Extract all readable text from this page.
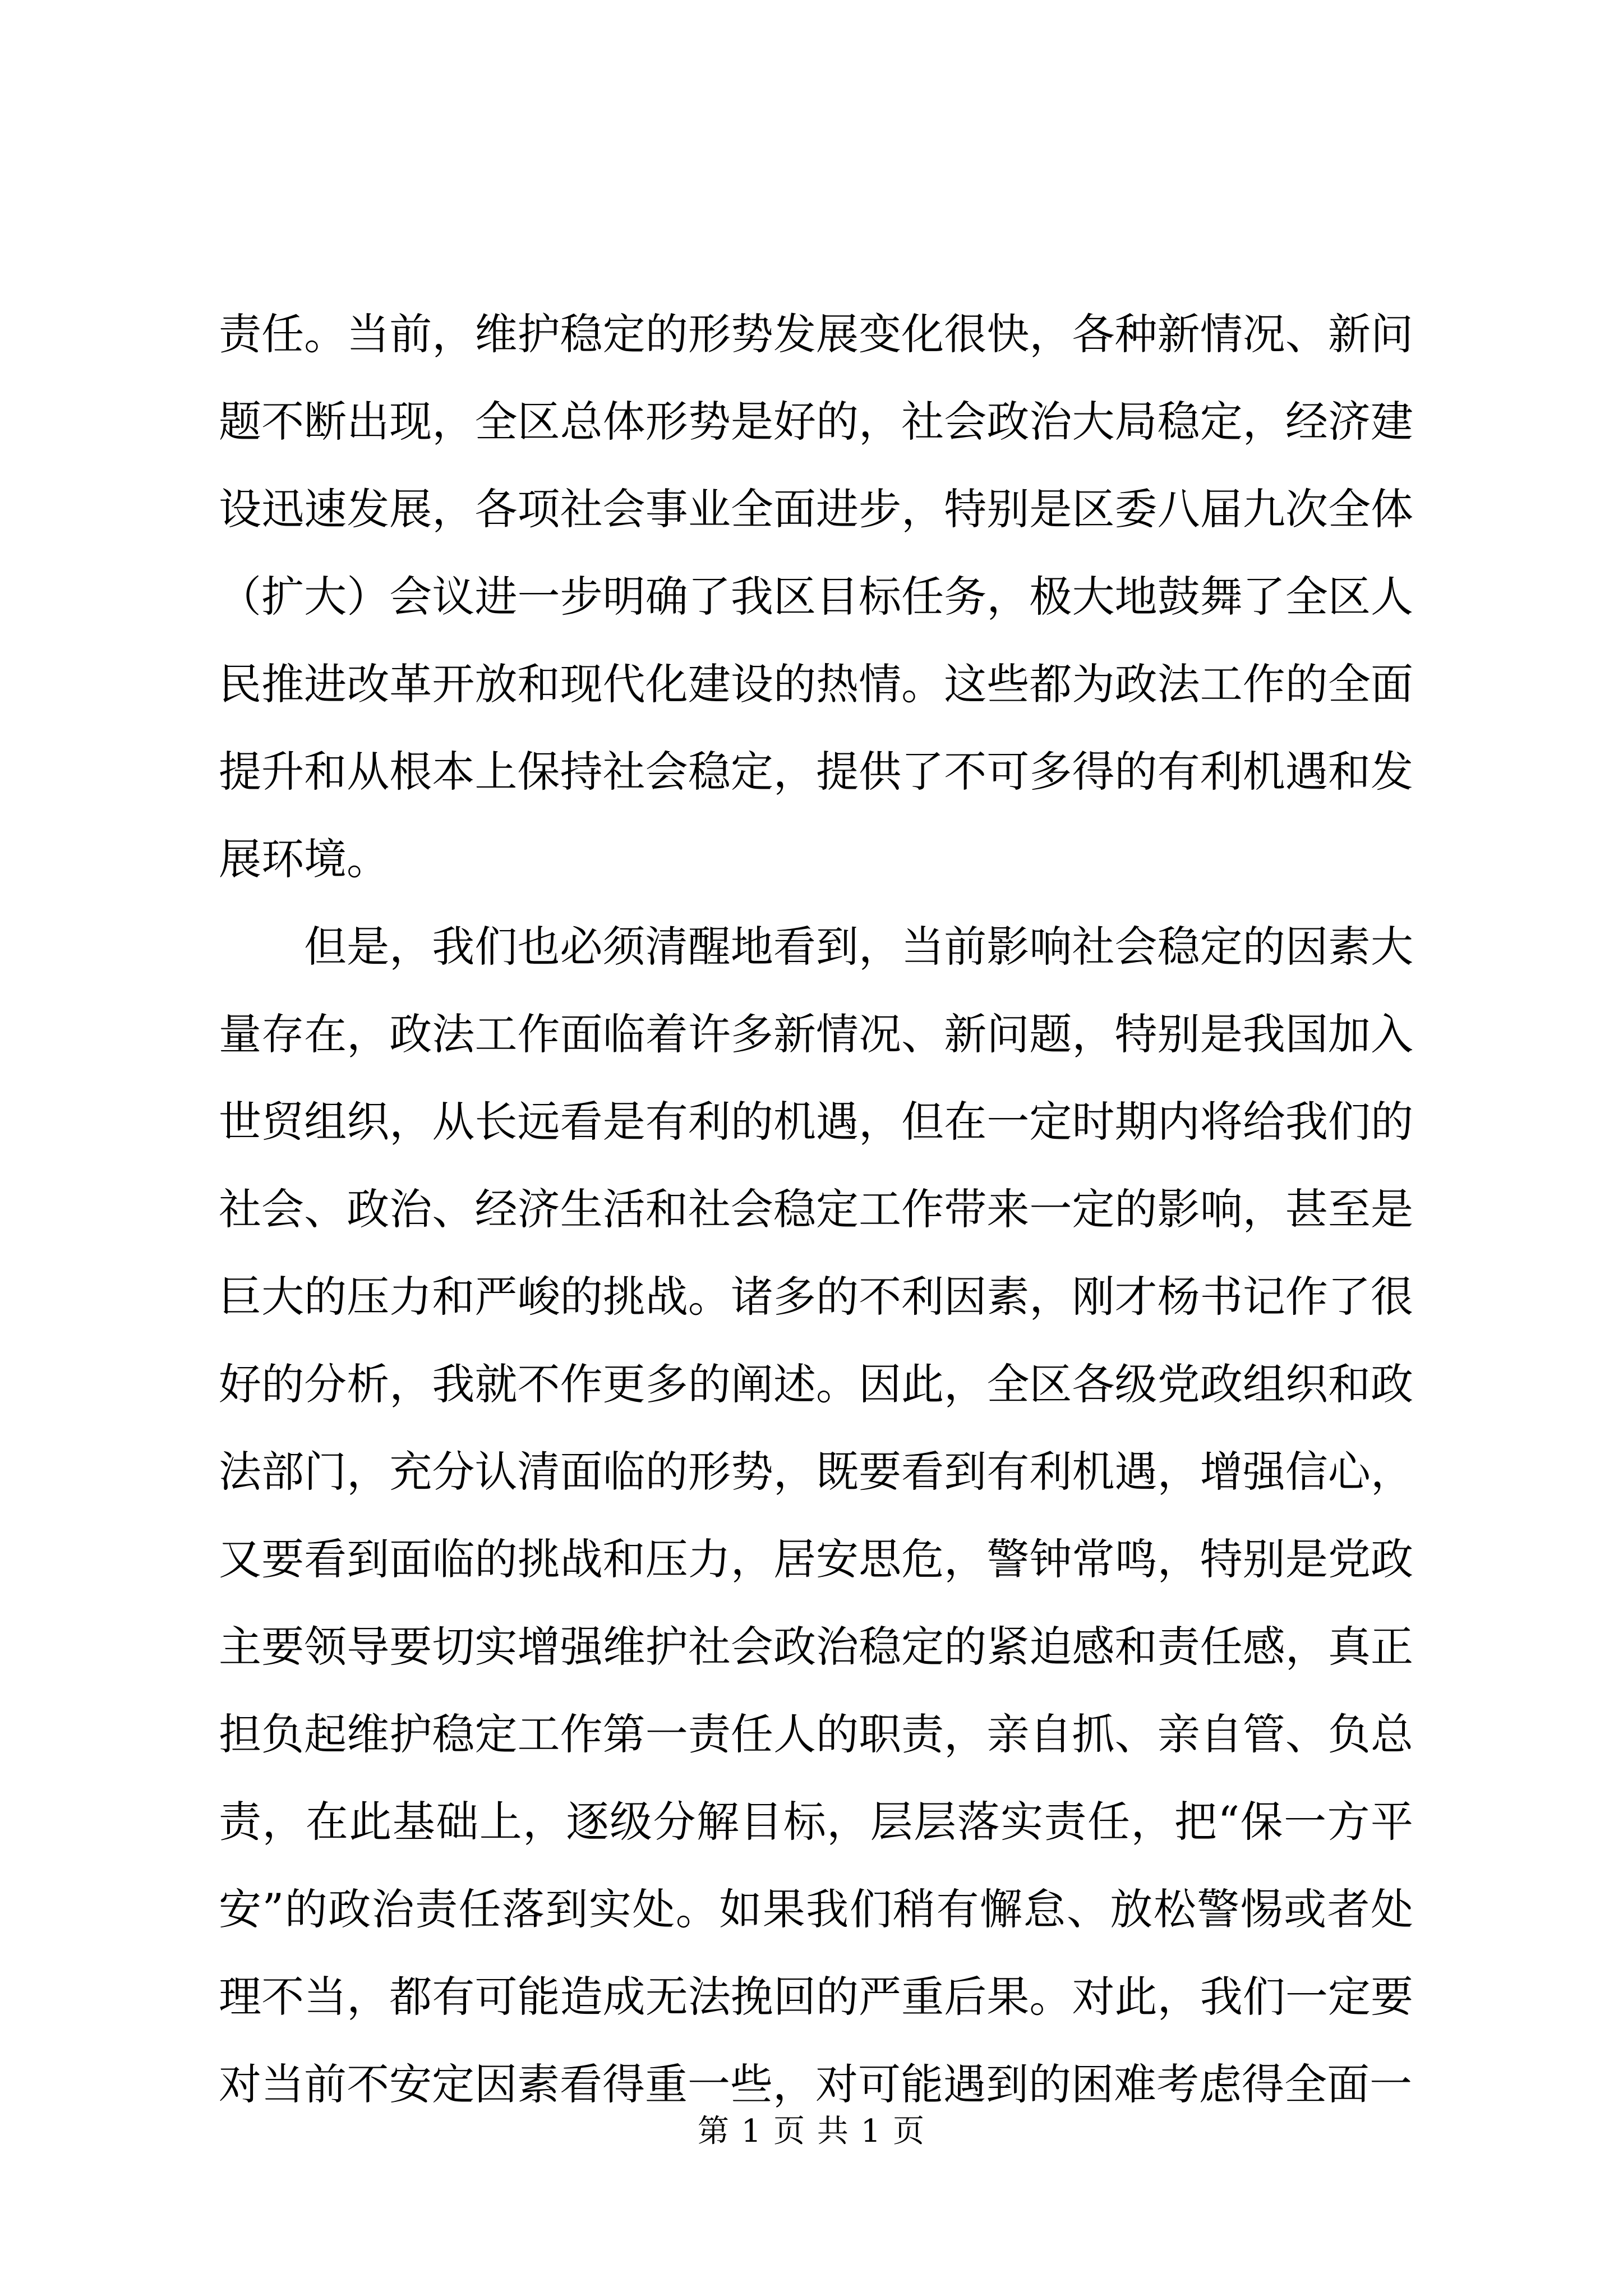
责任。当前，维护稳定的形势发展变化很快，各种新情况、新问题不断出现，全区总体形势是好的，社会政治大局稳定，经济建设迅速发展，各项社会事业全面进步，特别是区委八届九次全体（扩大）会议进一步明确了我区目标任务，极大地鼓舞了全区人民推进改革开放和现代化建设的热情。这些都为政法工作的全面提升和从根本上保持社会稳定，提供了不可多得的有利机遇和发展环境。

但是，我们也必须清醒地看到，当前影响社会稳定的因素大量存在，政法工作面临着许多新情况、新问题，特别是我国加入世贸组织，从长远看是有利的机遇，但在一定时期内将给我们的社会、政治、经济生活和社会稳定工作带来一定的影响，甚至是巨大的压力和严峻的挑战。诸多的不利因素，刚才杨书记作了很好的分析，我就不作更多的阐述。因此，全区各级党政组织和政法部门，充分认清面临的形势，既要看到有利机遇，增强信心，又要看到面临的挑战和压力，居安思危，警钟常鸣，特别是党政主要领导要切实增强维护社会政治稳定的紧迫感和责任感，真正担负起维护稳定工作第一责任人的职责，亲自抓、亲自管、负总责，在此基础上，逐级分解目标，层层落实责任，把“保一方平安”的政治责任落到实处。如果我们稍有懈怠、放松警惕或者处理不当，都有可能造成无法挽回的严重后果。对此，我们一定要对当前不安定因素看得重一些，对可能遇到的困难考虑得全面一

第 1 页 共 1 页
